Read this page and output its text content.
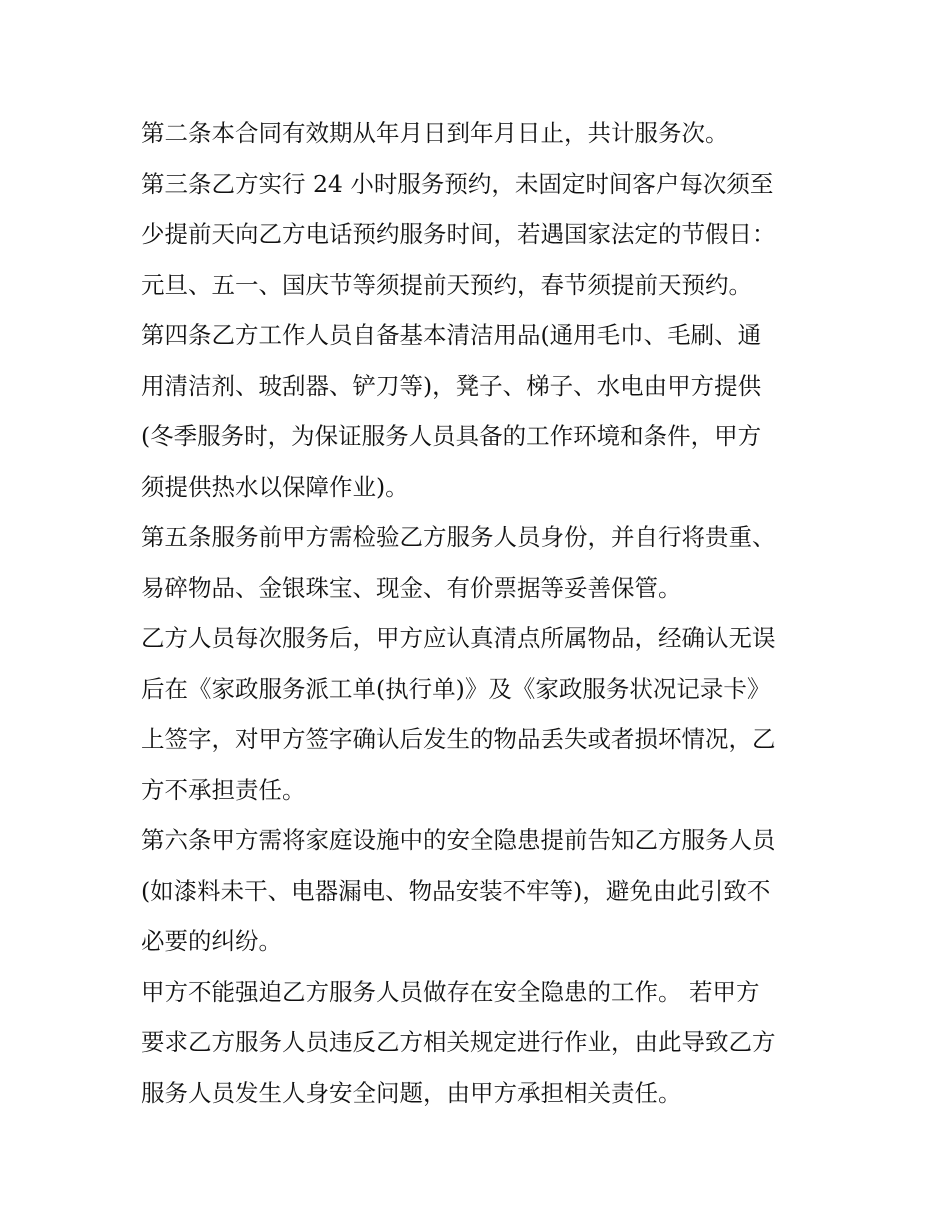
第二条本合同有效期从年月日到年月日止，共计服务次。
第三条乙方实行 24 小时服务预约，未固定时间客户每次须至
少提前天向乙方电话预约服务时间，若遇国家法定的节假日：
元旦、五一、国庆节等须提前天预约，春节须提前天预约。
第四条乙方工作人员自备基本清洁用品(通用毛巾、毛刷、通
用清洁剂、玻刮器、铲刀等)，凳子、梯子、水电由甲方提供
(冬季服务时，为保证服务人员具备的工作环境和条件，甲方
须提供热水以保障作业)。
第五条服务前甲方需检验乙方服务人员身份，并自行将贵重、
易碎物品、金银珠宝、现金、有价票据等妥善保管。
乙方人员每次服务后，甲方应认真清点所属物品，经确认无误
后在《家政服务派工单(执行单)》及《家政服务状况记录卡》
上签字，对甲方签字确认后发生的物品丢失或者损坏情况，乙
方不承担责任。
第六条甲方需将家庭设施中的安全隐患提前告知乙方服务人员
(如漆料未干、电器漏电、物品安装不牢等)，避免由此引致不
必要的纠纷。
甲方不能强迫乙方服务人员做存在安全隐患的工作。 若甲方
要求乙方服务人员违反乙方相关规定进行作业，由此导致乙方
服务人员发生人身安全问题，由甲方承担相关责任。
